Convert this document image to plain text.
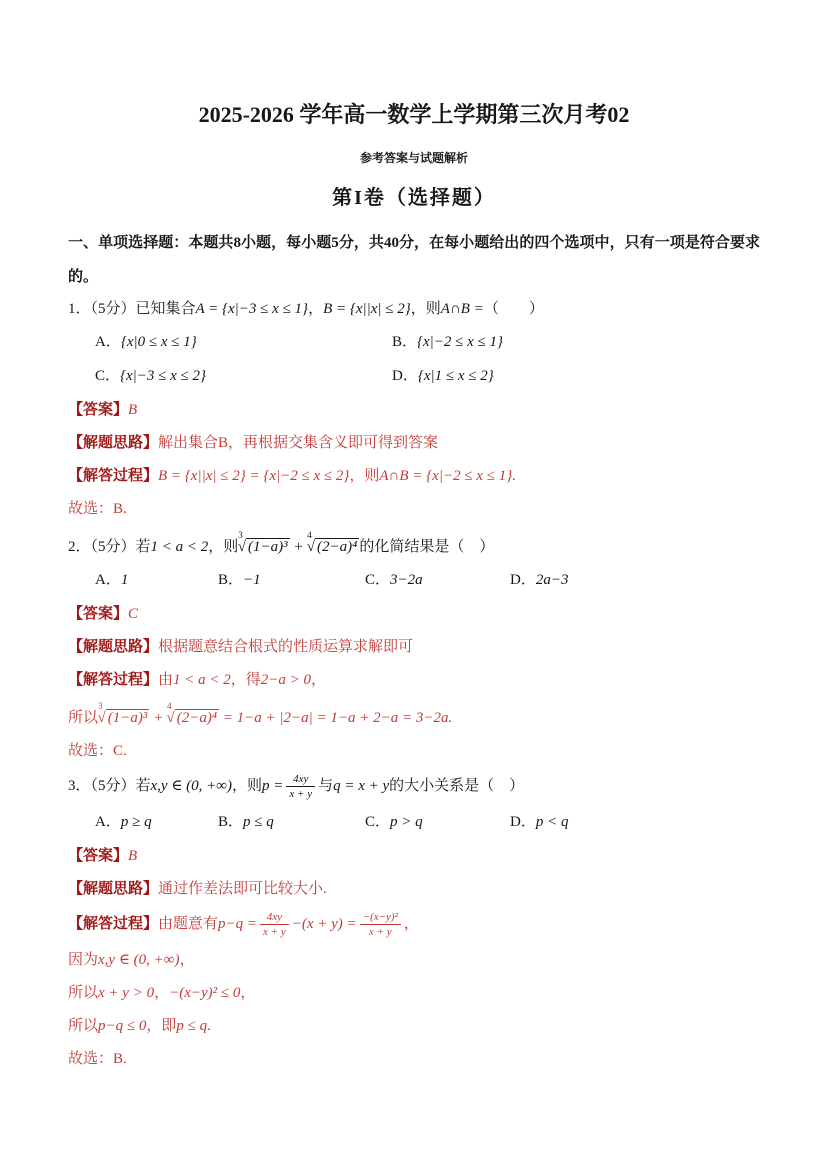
2025-2026 学年高一数学上学期第三次月考02
参考答案与试题解析
第I卷（选择题）

一、单项选择题：本题共8小题，每小题5分，共40分，在每小题给出的四个选项中，只有一项是符合要求的。

1．（5分）已知集合A = {x|−3 ≤ x ≤ 1}，B = {x||x| ≤ 2}，则A∩B =（　　）

A．{x|0 ≤ x ≤ 1}	B．{x|−2 ≤ x ≤ 1}
C．{x|−3 ≤ x ≤ 2}	D．{x|1 ≤ x ≤ 2}

【答案】B

【解题思路】解出集合B，再根据交集含义即可得到答案

【解答过程】B = {x||x| ≤ 2} = {x|−2 ≤ x ≤ 2}，则A∩B = {x|−2 ≤ x ≤ 1}.

故选：B.

2．（5分）若1 < a < 2，则$^3$√ (1−a)³ + $^4$√ (2−a)⁴ 的化简结果是（　）

A．1	B．−1	C．3−2a	D．2a−3

【答案】C

【解题思路】根据题意结合根式的性质运算求解即可

【解答过程】由1 < a < 2，得2−a > 0，

所以$^3$√ (1−a)³ + $^4$√ (2−a)⁴ = 1−a + |2−a| = 1−a + 2−a = 3−2a.

故选：C.

3．（5分）若x,y ∈ (0, +∞)，则$p = \frac{4xy}{x + y}$ 与q = x + y的大小关系是（　）

A．p ≥ q	B．p ≤ q	C．p > q	D．p < q

【答案】B

【解题思路】通过作差法即可比较大小.

【解答过程】由题意有$p-q = \frac{4xy}{x + y} -(x + y) = \frac{\text{−(x−y)²}}{x + y}$ ，

因为x,y ∈ (0, +∞)，

所以x + y > 0，−(x−y)² ≤ 0，

所以p−q ≤ 0，即p ≤ q.

故选：B.
